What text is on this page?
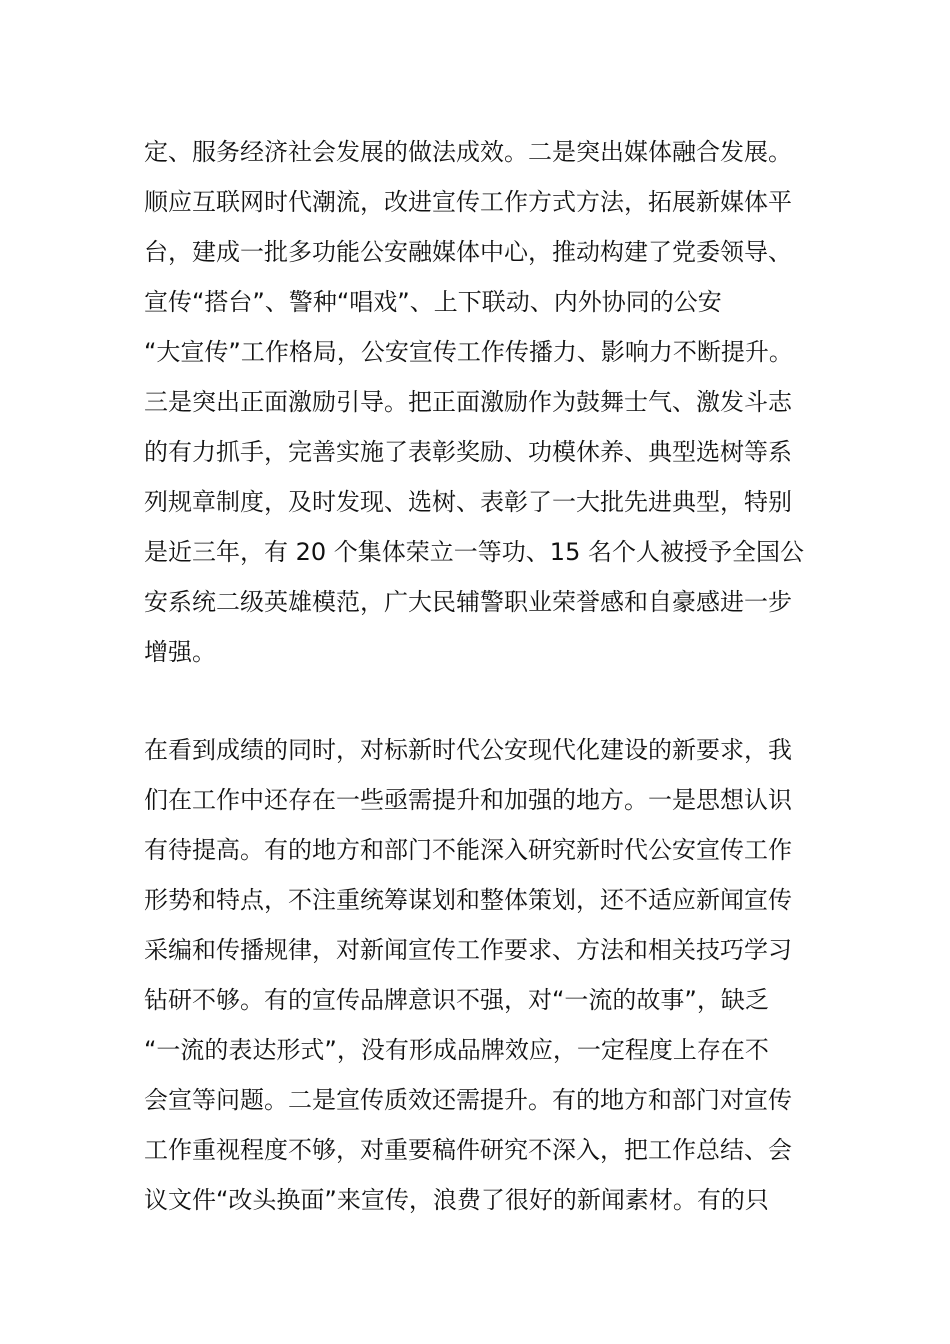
定、服务经济社会发展的做法成效。二是突出媒体融合发展。
顺应互联网时代潮流，改进宣传工作方式方法，拓展新媒体平
台，建成一批多功能公安融媒体中心，推动构建了党委领导、
宣传“搭台”、警种“唱戏”、上下联动、内外协同的公安
“大宣传”工作格局，公安宣传工作传播力、影响力不断提升。
三是突出正面激励引导。把正面激励作为鼓舞士气、激发斗志
的有力抓手，完善实施了表彰奖励、功模休养、典型选树等系
列规章制度，及时发现、选树、表彰了一大批先进典型，特别
是近三年，有 20 个集体荣立一等功、15 名个人被授予全国公
安系统二级英雄模范，广大民辅警职业荣誉感和自豪感进一步
增强。

在看到成绩的同时，对标新时代公安现代化建设的新要求，我
们在工作中还存在一些亟需提升和加强的地方。一是思想认识
有待提高。有的地方和部门不能深入研究新时代公安宣传工作
形势和特点，不注重统筹谋划和整体策划，还不适应新闻宣传
采编和传播规律，对新闻宣传工作要求、方法和相关技巧学习
钻研不够。有的宣传品牌意识不强，对“一流的故事”，缺乏
“一流的表达形式”，没有形成品牌效应，一定程度上存在不
会宣等问题。二是宣传质效还需提升。有的地方和部门对宣传
工作重视程度不够，对重要稿件研究不深入，把工作总结、会
议文件“改头换面”来宣传，浪费了很好的新闻素材。有的只
